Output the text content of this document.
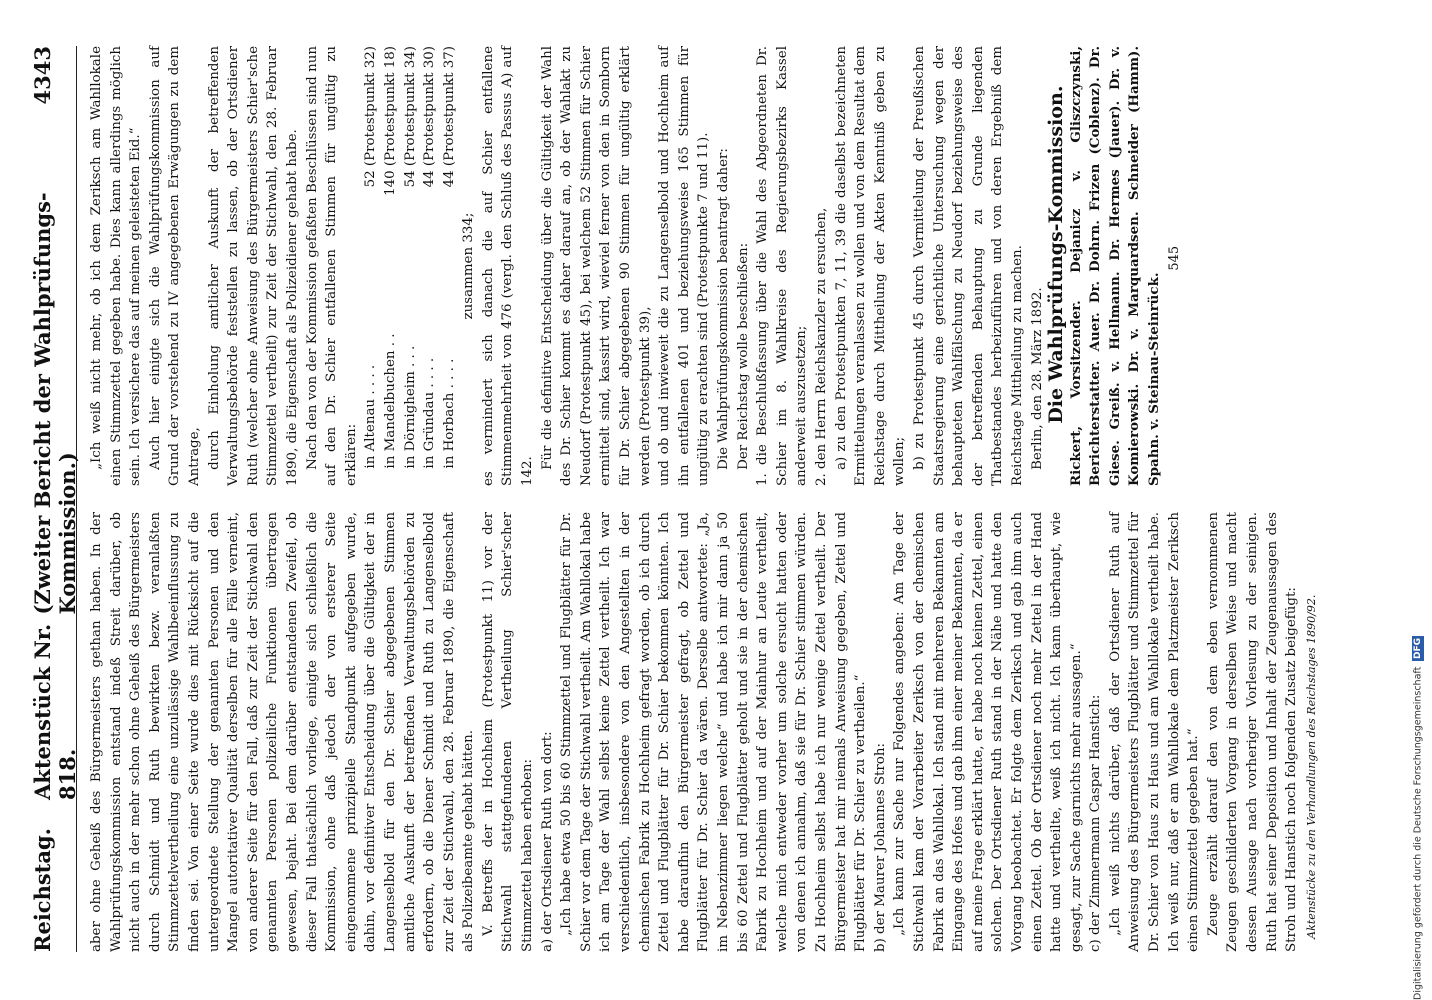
Reichstag.
Aktenstück Nr. 818.
(Zweiter Bericht der Wahlprüfungs-Kommission.)
4343

aber ohne Geheiß des Bürgermeisters gethan haben. In der Wahlprüfungskommission entstand indeß Streit darüber, ob nicht auch in der mehr schon ohne Geheiß des Bürgermeisters durch Schmidt und Ruth bewirkten bezw. veranlaßten Stimmzettelvertheilung eine unzulässige Wahlbeeinflussung zu finden sei. Von einer Seite wurde dies mit Rücksicht auf die untergeordnete Stellung der genannten Personen und den Mangel autoritativer Qualität derselben für alle Fälle verneint, von anderer Seite für den Fall, daß zur Zeit der Stichwahl den genannten Personen polizeiliche Funktionen übertragen gewesen, bejaht. Bei dem darüber entstandenen Zweifel, ob dieser Fall thatsächlich vorliege, einigte sich schließlich die Kommission, ohne daß jedoch der von ersterer Seite eingenommene prinzipielle Standpunkt aufgegeben wurde, dahin, vor definitiver Entscheidung über die Gültigkeit der in Langenselbold für den Dr. Schier abgegebenen Stimmen amtliche Auskunft der betreffenden Verwaltungsbehörden zu erfordern, ob die Diener Schmidt und Ruth zu Langenselbold zur Zeit der Stichwahl, den 28. Februar 1890, die Eigenschaft als Polizeibeamte gehabt hätten. V. Betreffs der in Hochheim (Protestpunkt 11) vor der Stichwahl stattgefundenen Vertheilung Schier'scher Stimmzettel haben erhoben: a) der Ortsdiener Ruth von dort: „Ich habe etwa 50 bis 60 Stimmzettel und Flugblätter für Dr. Schier vor dem Tage der Stichwahl vertheilt. Am Wahllokal habe ich am Tage der Wahl selbst keine Zettel vertheilt. Ich war verschiedentlich, insbesondere von den Angestellten in der chemischen Fabrik zu Hochheim gefragt worden, ob ich durch Zettel und Flugblätter für Dr. Schier bekommen könnten. Ich habe daraufhin den Bürgermeister gefragt, ob Zettel und Flugblätter für Dr. Schier da wären. Derselbe antwortete: „Ja, im Nebenzimmer liegen welche“ und habe ich mir dann ja 50 bis 60 Zettel und Flugblätter geholt und sie in der chemischen Fabrik zu Hochheim und auf der Mainhur an Leute vertheilt, welche mich entweder vorher um solche ersucht hatten oder von denen ich annahm, daß sie für Dr. Schier stimmen würden. Zu Hochheim selbst habe ich nur wenige Zettel vertheilt. Der Bürgermeister hat mir niemals Anweisung gegeben, Zettel und Flugblätter für Dr. Schier zu vertheilen.“ b) der Maurer Johannes Stroh: „Ich kann zur Sache nur Folgendes angeben: Am Tage der Stichwahl kam der Vorarbeiter Zeriksch von der chemischen Fabrik an das Wahllokal. Ich stand mit mehreren Bekannten am Eingange des Hofes und gab ihm einer meiner Bekannten, da er auf meine Frage erklärt hatte, er habe noch keinen Zettel, einen solchen. Der Ortsdiener Ruth stand in der Nähe und hatte den Vorgang beobachtet. Er folgte dem Zeriksch und gab ihm auch einen Zettel. Ob der Ortsdiener noch mehr Zettel in der Hand hatte und vertheilte, weiß ich nicht. Ich kann überhaupt, wie gesagt, zur Sache garnichts mehr aussagen.“ c) der Zimmermann Caspar Hanstich: „Ich weiß nichts darüber, daß der Ortsdiener Ruth auf Anweisung des Bürgermeisters Flugblätter und Stimmzettel für Dr. Schier von Haus zu Haus und am Wahllokale vertheilt habe. Ich weiß nur, daß er am Wahllokale dem Platzmeister Zeriksch einen Stimmzettel gegeben hat.“ Zeuge erzählt darauf den von dem eben vernommenen Zeugen geschilderten Vorgang in derselben Weise und macht dessen Aussage nach vorheriger Vorlesung zu der seinigen. Ruth hat seiner Deposition und Inhalt der Zeugenaussagen des Stroh und Hanstich noch folgenden Zusatz beigefügt: Aktenstücke zu den Verhandlungen des Reichstages 1890/92.

„Ich weiß nicht mehr, ob ich dem Zeriksch am Wahllokale einen Stimmzettel gegeben habe. Dies kann allerdings möglich sein. Ich versichere das auf meinen geleisteten Eid.“ Auch hier einigte sich die Wahlprüfungskommission auf Grund der vorstehend zu IV angegebenen Erwägungen zu dem Antrage, durch Einholung amtlicher Auskunft der betreffenden Verwaltungsbehörde feststellen zu lassen, ob der Ortsdiener Ruth (welcher ohne Anweisung des Bürgermeisters Schier'sche Stimmzettel vertheilt) zur Zeit der Stichwahl, den 28. Februar 1890, die Eigenschaft als Polizeidiener gehabt habe. Nach den von der Kommission gefaßten Beschlüssen sind nun auf den Dr. Schier entfallenen Stimmen für ungültig zu erklären: in Altenau . . . .
52 (Protestpunkt 32)
in Mandelbuchen . .
140 (Protestpunkt 18)
in Dörnigheim . . .
54 (Protestpunkt 34)
in Gründau . . . .
44 (Protestpunkt 30)
in Horbach . . . .
44 (Protestpunkt 37)

zusammen 334; es vermindert sich danach die auf Schier entfallene Stimmenmehrheit von 476 (vergl. den Schluß des Passus A) auf 142.

Für die definitive Entscheidung über die Gültigkeit der Wahl des Dr. Schier kommt es daher darauf an, ob der Wahlakt zu Neudorf (Protestpunkt 45), bei welchem 52 Stimmen für Schier ermittelt sind, kassirt wird, wieviel ferner von den in Somborn für Dr. Schier abgegebenen 90 Stimmen für ungültig erklärt werden (Protestpunkt 39), und ob und inwieweit die zu Langenselbold und Hochheim auf ihn entfallenen 401 und beziehungsweise 165 Stimmen für ungültig zu erachten sind (Protestpunkte 7 und 11). Die Wahlprüfungskommission beantragt daher: Der Reichstag wolle beschließen: 1. die Beschlußfassung über die Wahl des Abgeordneten Dr. Schier im 8. Wahlkreise des Regierungsbezirks Kassel anderweit auszusetzen; 2. den Herrn Reichskanzler zu ersuchen, a) zu den Protestpunkten 7, 11, 39 die daselbst bezeichneten Ermittelungen veranlassen zu wollen und von dem Resultat dem Reichstage durch Mittheilung der Akten Kenntniß geben zu wollen; b) zu Protestpunkt 45 durch Vermittelung der Preußischen Staatsregierung eine gerichtliche Untersuchung wegen der behaupteten Wahlfälschung zu Neudorf beziehungsweise des der betreffenden Behauptung zu Grunde liegenden Thatbestandes herbeizuführen und von deren Ergebniß dem Reichstage Mittheilung zu machen. Berlin, den 28. März 1892. Die Wahlprüfungs-Kommission. Rickert, Vorsitzender. Dejanicz v. Gliszczynski, Berichterstatter. Auer. Dr. Dohrn. Frizen (Coblenz). Dr. Giese. Greiß. v. Hellmann. Dr. Hermes (Jauer). Dr. v. Komierowski. Dr. v. Marquardsen. Schneider (Hamm). Spahn. v. Steinau-Steinrück.

545

Digitalisierung gefördert durch die Deutsche Forschungsgemeinschaft
DFG
